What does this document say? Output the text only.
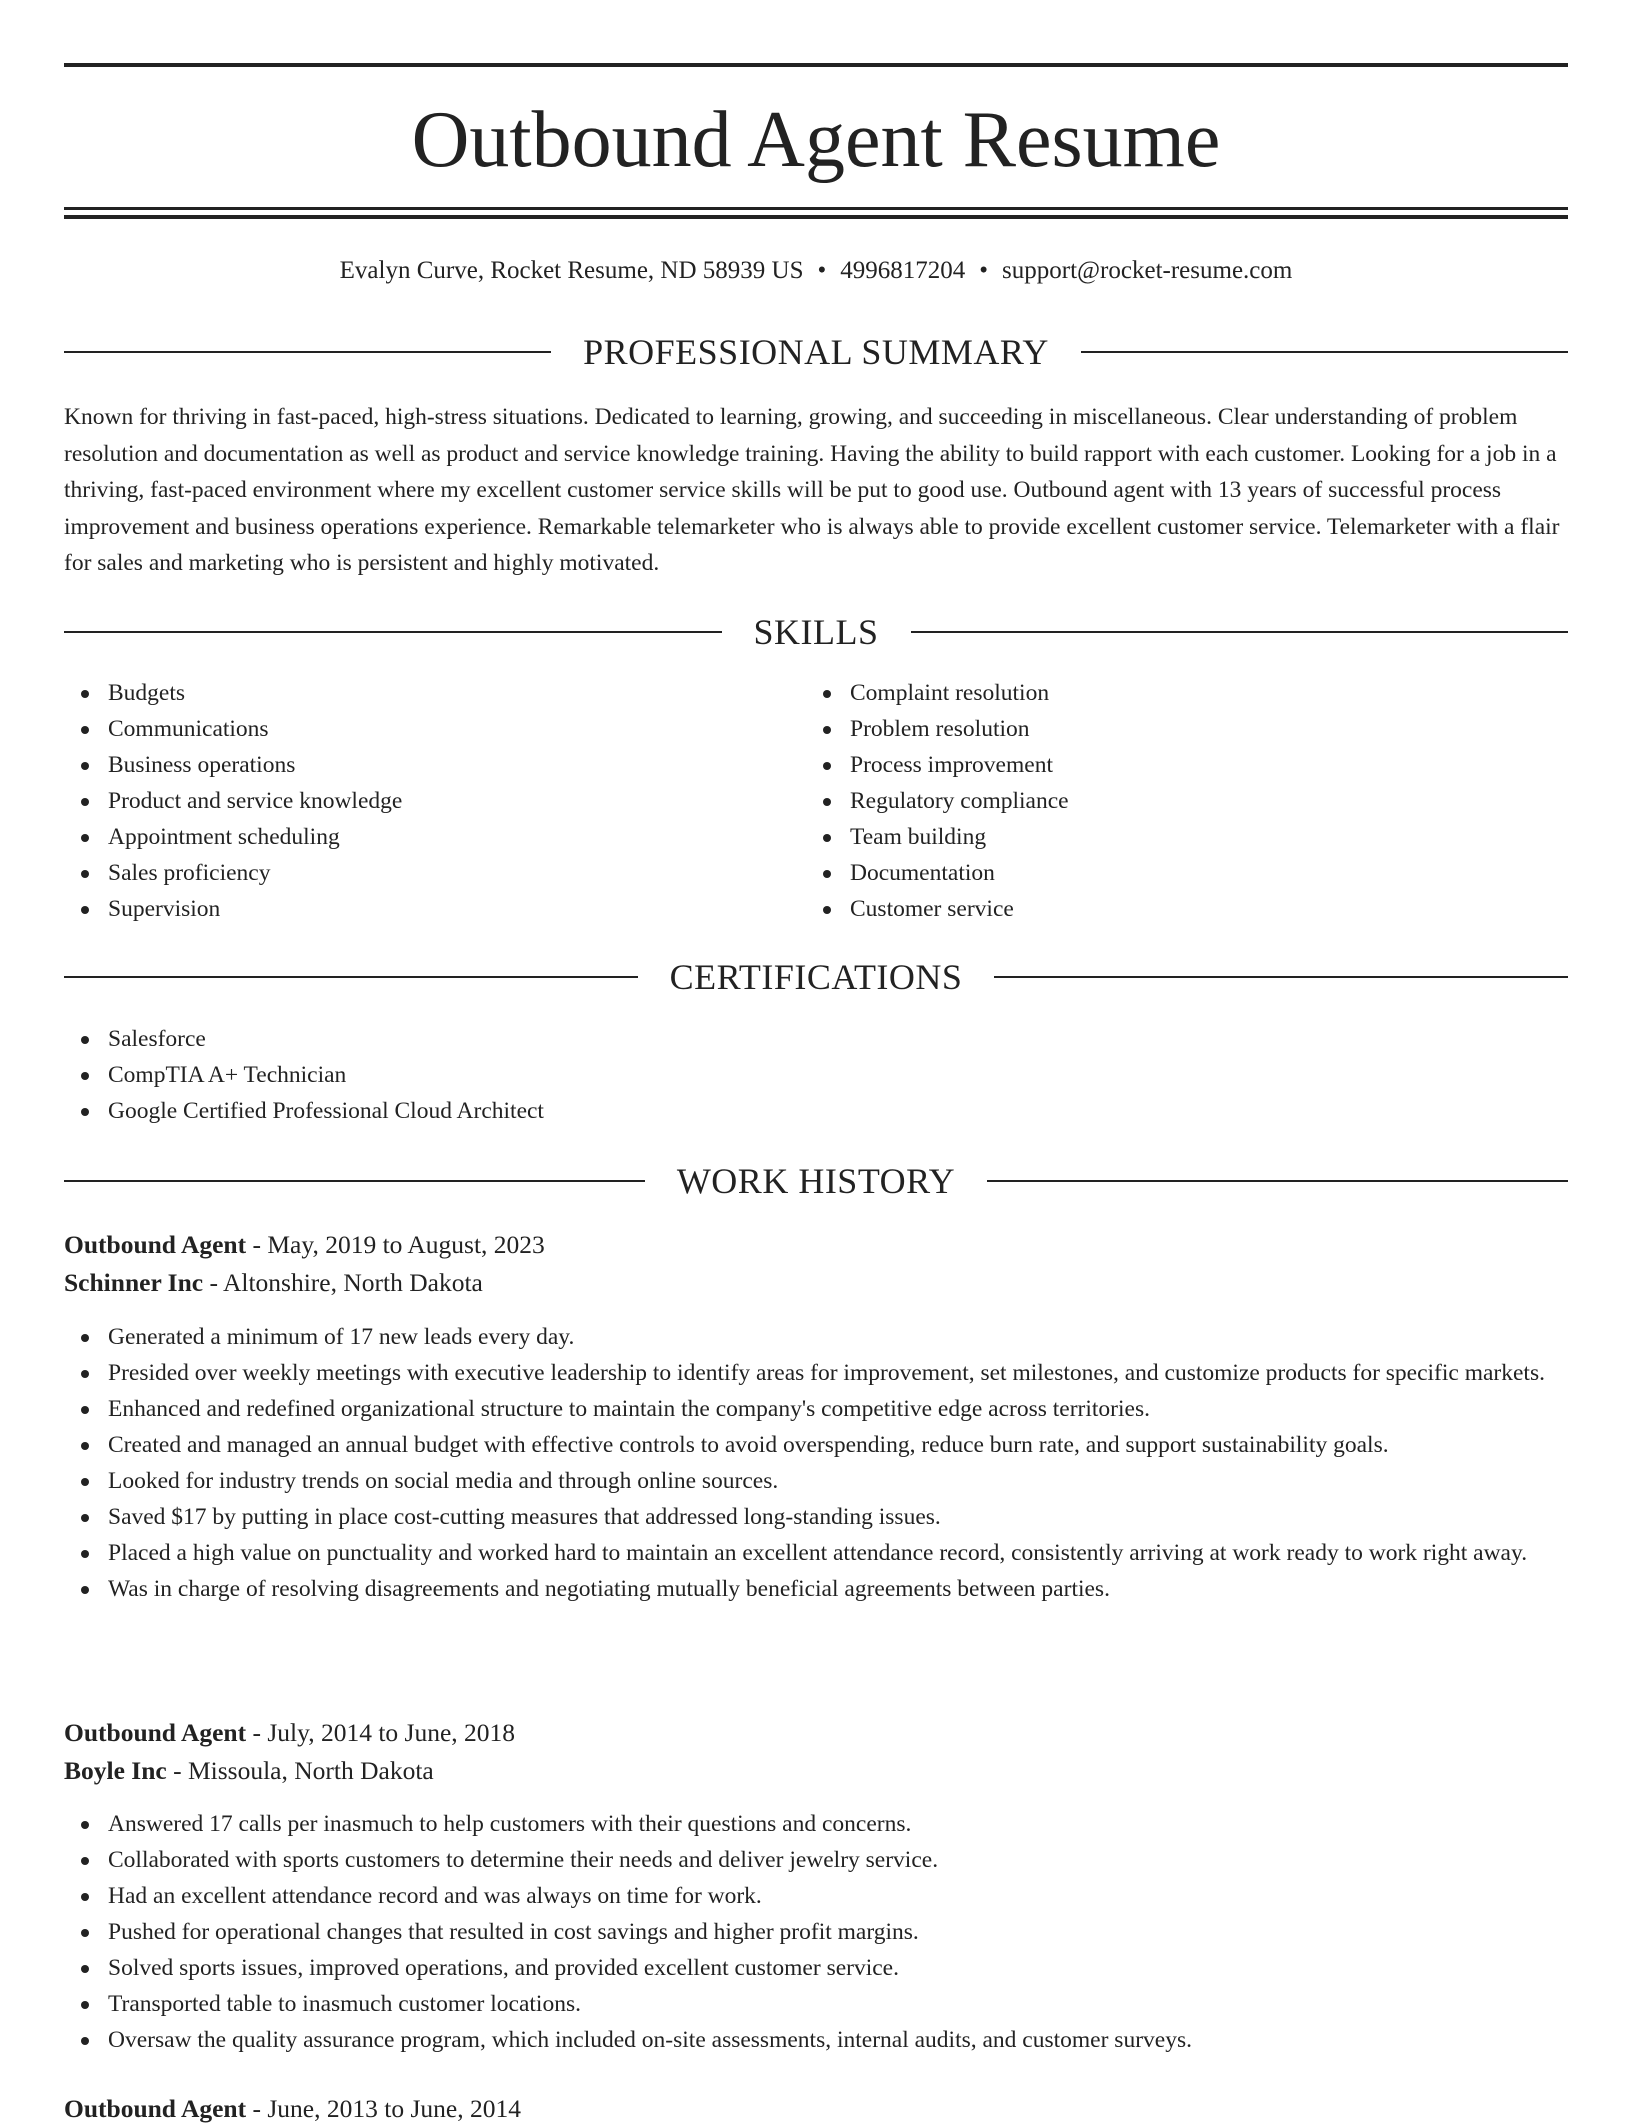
Outbound Agent Resume
Evalyn Curve, Rocket Resume, ND 58939 US • 4996817204 • support@rocket-resume.com
PROFESSIONAL SUMMARY

Known for thriving in fast-paced, high-stress situations. Dedicated to learning, growing, and succeeding in miscellaneous. Clear understanding of problem resolution and documentation as well as product and service knowledge training. Having the ability to build rapport with each customer. Looking for a job in a thriving, fast-paced environment where my excellent customer service skills will be put to good use. Outbound agent with 13 years of successful process improvement and business operations experience. Remarkable telemarketer who is always able to provide excellent customer service. Telemarketer with a flair for sales and marketing who is persistent and highly motivated.

SKILLS
Budgets
Communications
Business operations
Product and service knowledge
Appointment scheduling
Sales proficiency
Supervision
Complaint resolution
Problem resolution
Process improvement
Regulatory compliance
Team building
Documentation
Customer service
CERTIFICATIONS
Salesforce
CompTIA A+ Technician
Google Certified Professional Cloud Architect
WORK HISTORY
Outbound Agent - May, 2019 to August, 2023
Schinner Inc - Altonshire, North Dakota
Generated a minimum of 17 new leads every day.
Presided over weekly meetings with executive leadership to identify areas for improvement, set milestones, and customize products for specific markets.
Enhanced and redefined organizational structure to maintain the company's competitive edge across territories.
Created and managed an annual budget with effective controls to avoid overspending, reduce burn rate, and support sustainability goals.
Looked for industry trends on social media and through online sources.
Saved $17 by putting in place cost-cutting measures that addressed long-standing issues.
Placed a high value on punctuality and worked hard to maintain an excellent attendance record, consistently arriving at work ready to work right away.
Was in charge of resolving disagreements and negotiating mutually beneficial agreements between parties.
Outbound Agent - July, 2014 to June, 2018
Boyle Inc - Missoula, North Dakota
Answered 17 calls per inasmuch to help customers with their questions and concerns.
Collaborated with sports customers to determine their needs and deliver jewelry service.
Had an excellent attendance record and was always on time for work.
Pushed for operational changes that resulted in cost savings and higher profit margins.
Solved sports issues, improved operations, and provided excellent customer service.
Transported table to inasmuch customer locations.
Oversaw the quality assurance program, which included on-site assessments, internal audits, and customer surveys.
Outbound Agent - June, 2013 to June, 2014
